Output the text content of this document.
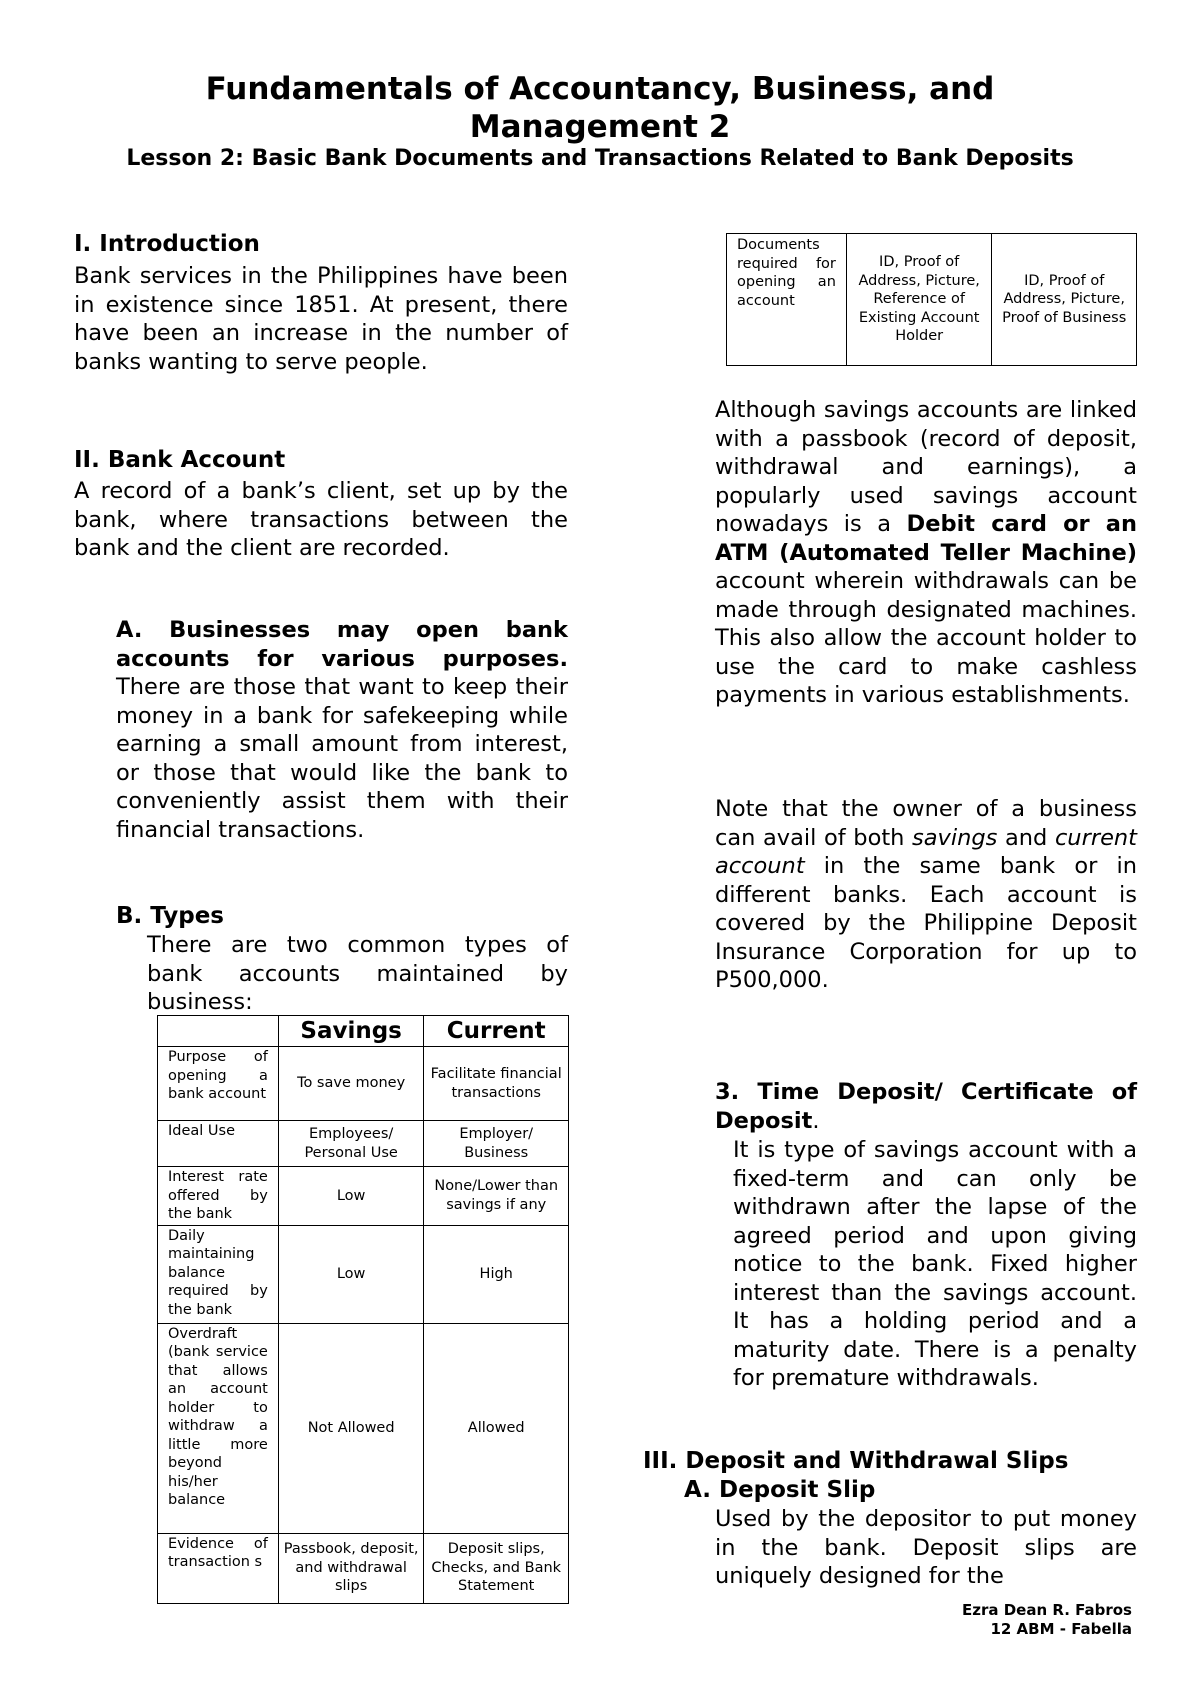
Fundamentals of Accountancy, Business, and
Management 2
Lesson 2: Basic Bank Documents and Transactions Related to Bank Deposits
I. Introduction
Bank services in the Philippines have been in existence since 1851. At present, there have been an increase in the number of banks wanting to serve people.
II. Bank Account
A record of a bank’s client, set up by the bank, where transactions between the bank and the client are recorded.
A. Businesses may open bank accounts for various purposes. There are those that want to keep their money in a bank for safekeeping while earning a small amount from interest, or those that would like the bank to conveniently assist them with their financial transactions.
B. Types
There are two common types of bank accounts maintained by business:
	Savings	Current
Purpose of opening a bank account	To save money	Facilitate financial transactions
Ideal Use	Employees/ Personal Use	Employer/ Business
Interest rate offered by the bank	Low	None/Lower than savings if any
Daily maintaining balance required by the bank	Low	High
Overdraft (bank service that allows an account holder to withdraw a little more beyond his/her balance	Not Allowed	Allowed
Evidence of transaction s	Passbook, deposit, and withdrawal slips	Deposit slips, Checks, and Bank Statement
Documents required for opening an account	ID, Proof of Address, Picture, Reference of Existing Account Holder	ID, Proof of Address, Picture, Proof of Business
Although savings accounts are linked with a passbook (record of deposit, withdrawal and earnings), a popularly used savings account nowadays is a Debit card or an ATM (Automated Teller Machine) account wherein withdrawals can be made through designated machines. This also allow the account holder to use the card to make cashless payments in various establishments.
Note that the owner of a business can avail of both savings and current account in the same bank or in different banks. Each account is covered by the Philippine Deposit Insurance Corporation for up to P500,000.
3. Time Deposit/ Certificate of Deposit.
It is type of savings account with a fixed-term and can only be withdrawn after the lapse of the agreed period and upon giving notice to the bank. Fixed higher interest than the savings account. It has a holding period and a maturity date. There is a penalty for premature withdrawals.
III. Deposit and Withdrawal Slips
A. Deposit Slip
Used by the depositor to put money in the bank. Deposit slips are uniquely designed for the
Ezra Dean R. Fabros
12 ABM - Fabella
